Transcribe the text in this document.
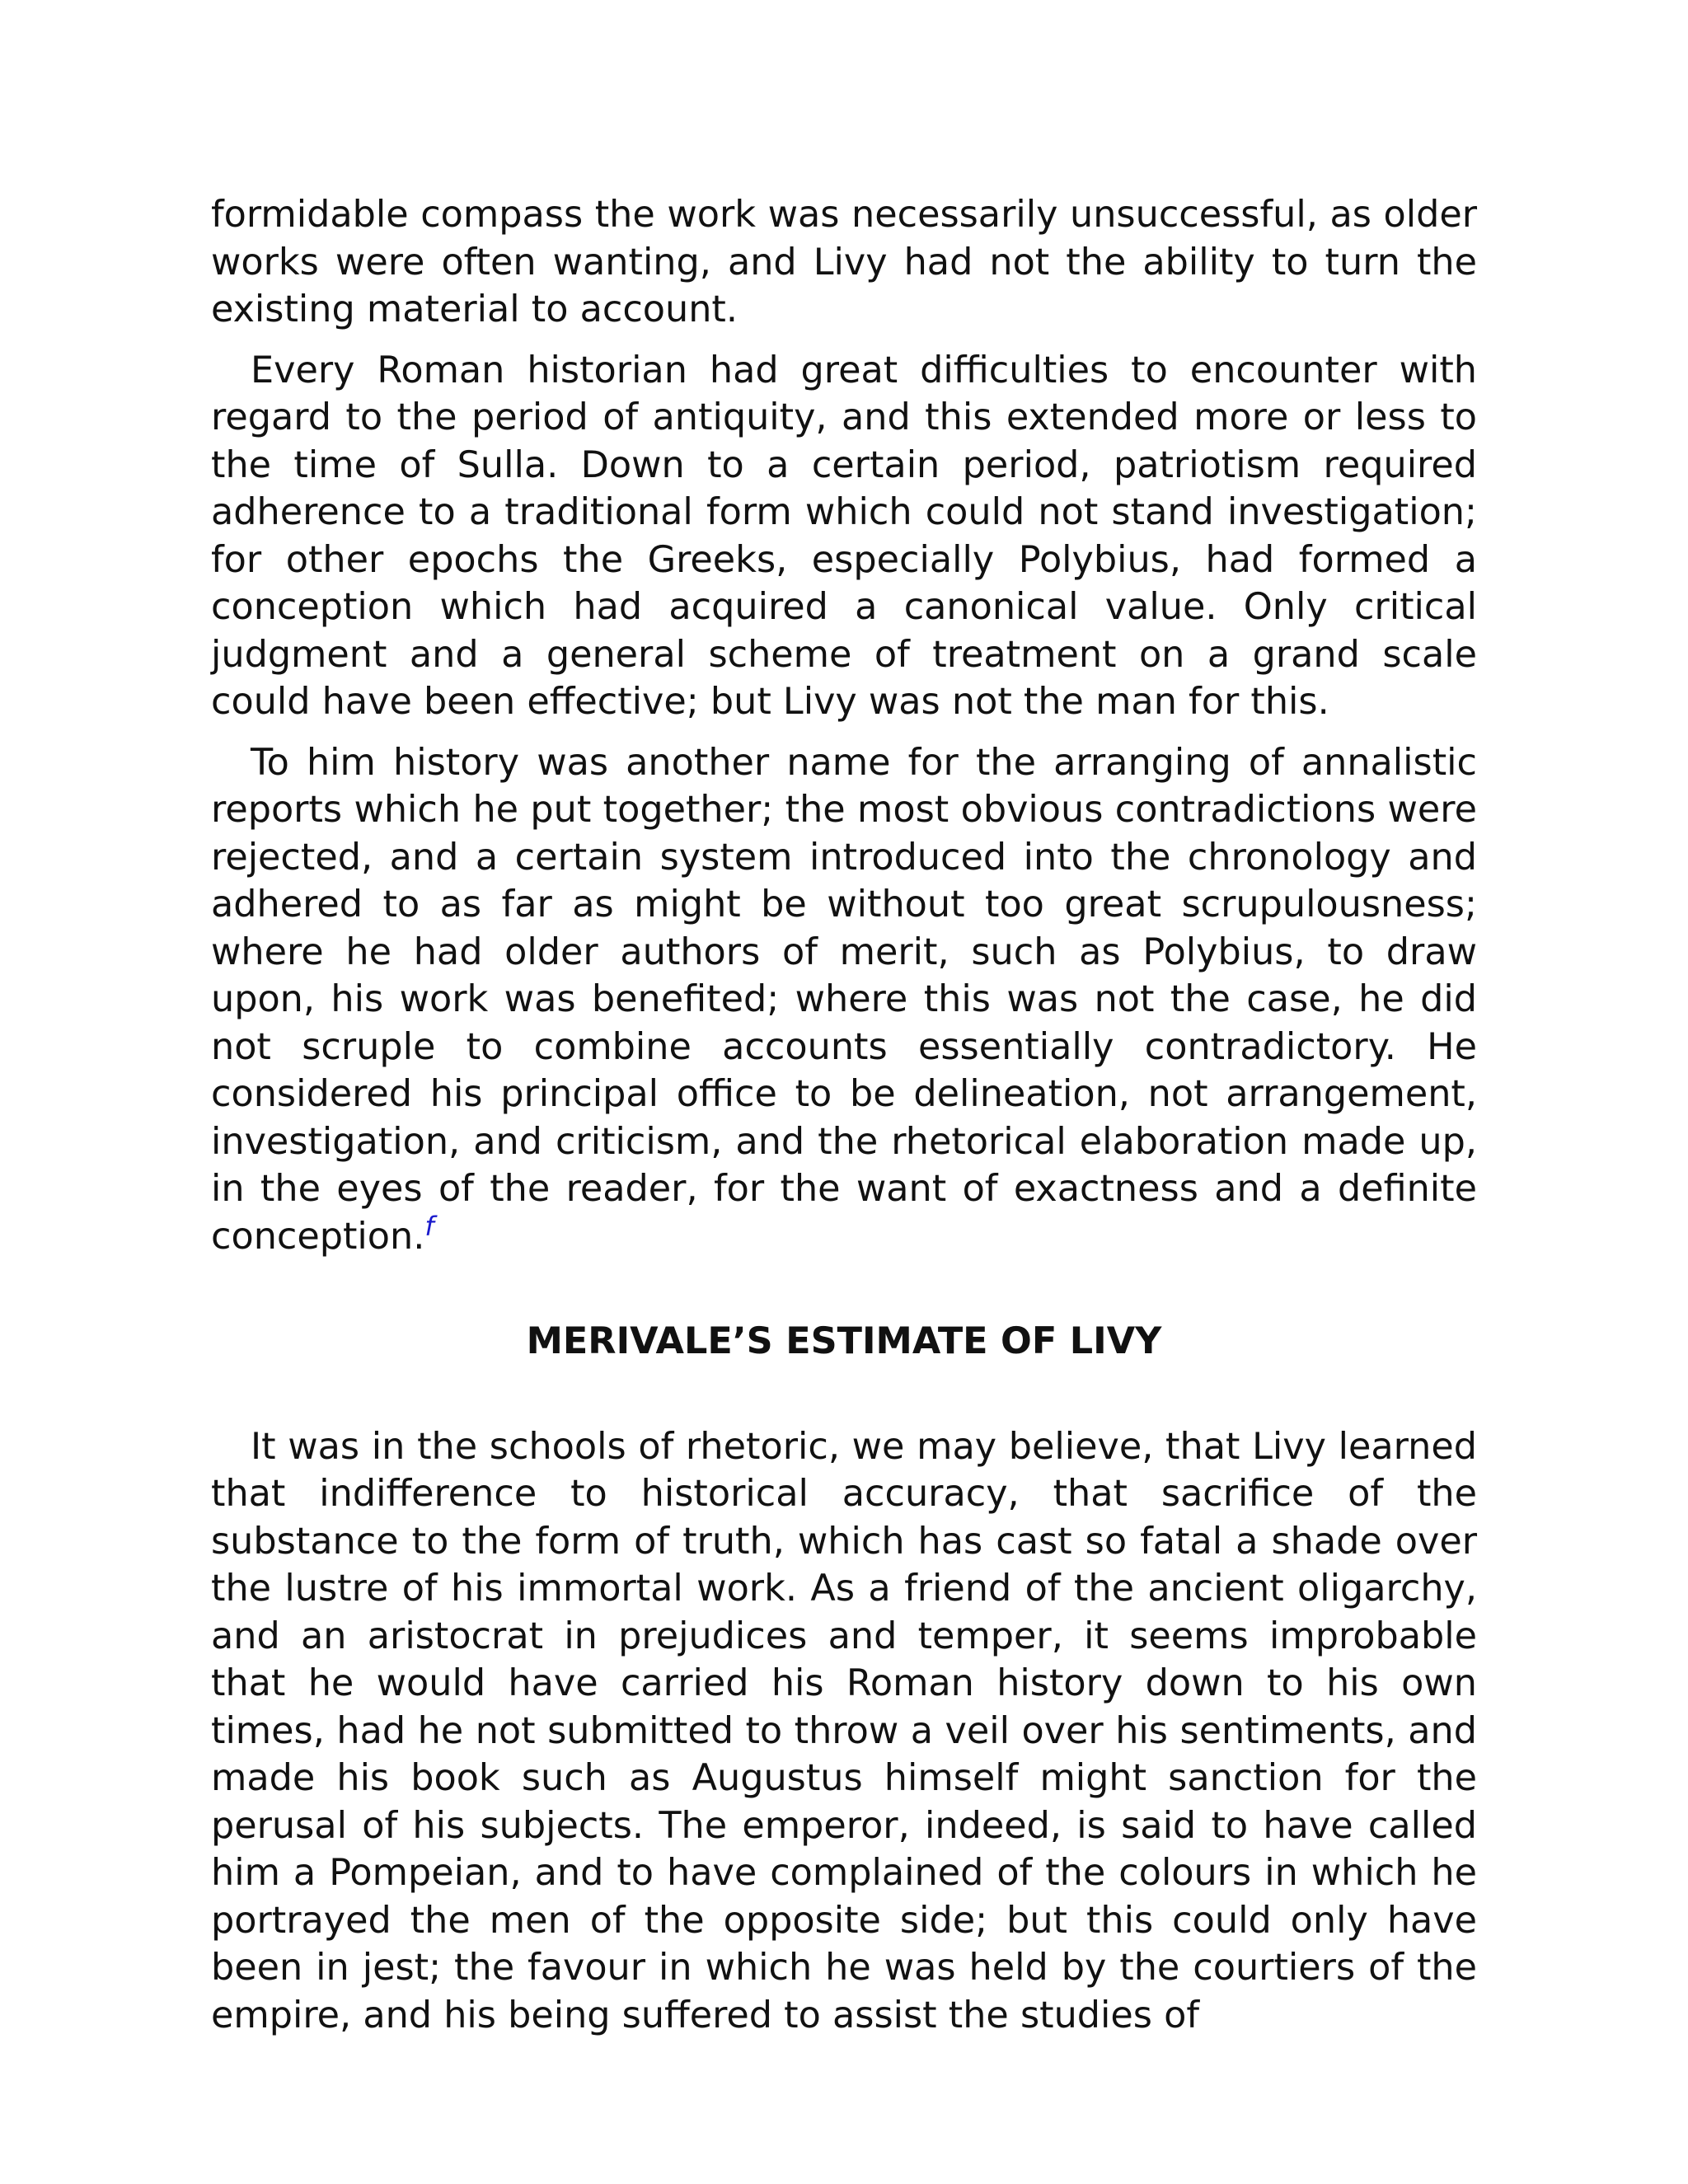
formidable compass the work was necessarily unsuccessful, as older works were often wanting, and Livy had not the ability to turn the existing material to account.

Every Roman historian had great difficulties to encounter with regard to the period of antiquity, and this extended more or less to the time of Sulla. Down to a certain period, patriotism required adherence to a traditional form which could not stand investigation; for other epochs the Greeks, especially Polybius, had formed a conception which had acquired a canonical value. Only critical judgment and a general scheme of treatment on a grand scale could have been effective; but Livy was not the man for this.

To him history was another name for the arranging of annalistic reports which he put together; the most obvious contradictions were rejected, and a certain system introduced into the chronology and adhered to as far as might be without too great scrupulousness; where he had older authors of merit, such as Polybius, to draw upon, his work was benefited; where this was not the case, he did not scruple to combine accounts essentially contradictory. He considered his principal office to be delineation, not arrangement, investigation, and criticism, and the rhetorical elaboration made up, in the eyes of the reader, for the want of exactness and a definite conception.$^f$

MERIVALE’S ESTIMATE OF LIVY

It was in the schools of rhetoric, we may believe, that Livy learned that indifference to historical accuracy, that sacrifice of the substance to the form of truth, which has cast so fatal a shade over the lustre of his immortal work. As a friend of the ancient oligarchy, and an aristocrat in prejudices and temper, it seems improbable that he would have carried his Roman history down to his own times, had he not submitted to throw a veil over his sentiments, and made his book such as Augustus himself might sanction for the perusal of his subjects. The emperor, indeed, is said to have called him a Pompeian, and to have complained of the colours in which he portrayed the men of the opposite side; but this could only have been in jest; the favour in which he was held by the courtiers of the empire, and his being suffered to assist the studies of
